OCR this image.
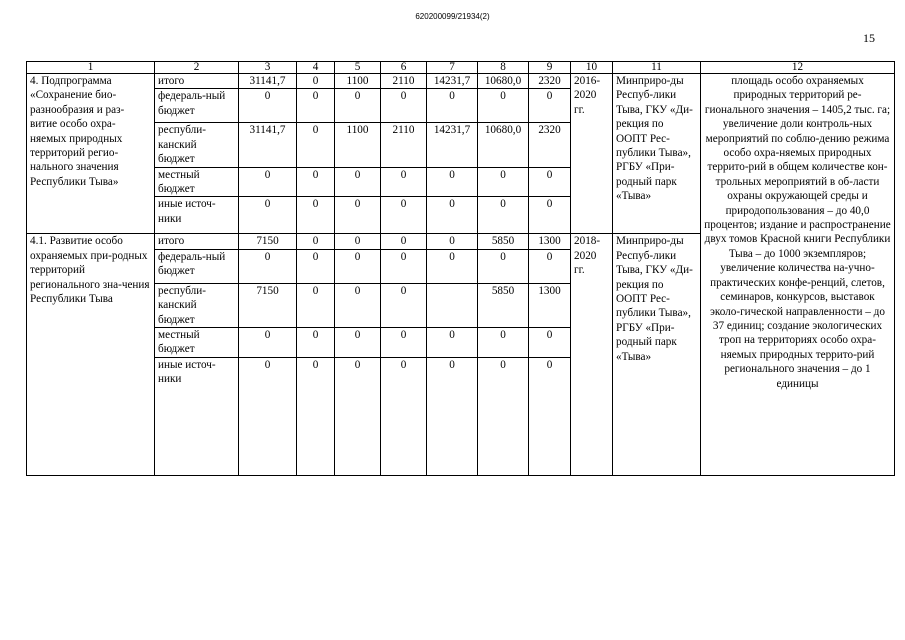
620200099/21934(2)
15
1	2	3	4	5	6	7	8	9	10	11	12
4. Подпрограмма «Сохранение био-разнообразия и раз-витие особо охра-няемых природных территорий регио-нального значения Республики Тыва»	итого	31141,7	0	1100	2110	14231,7	10680,0	2320	2016-2020 гг.	Минприро-ды Респуб-лики Тыва, ГКУ «Ди-рекция по ООПТ Рес-публики Тыва», РГБУ «При-родный парк «Тыва»	площадь особо охраняемых природных территорий ре-гионального значения – 1405,2 тыс. га; увеличение доли контроль-ных мероприятий по соблю-дению режима особо охра-няемых природных террито-рий в общем количестве кон-трольных мероприятий в об-ласти охраны окружающей среды и природопользования – до 40,0 процентов; издание и распространение двух томов Красной книги Республики Тыва – до 1000 экземпляров; увеличение количества на-учно-практических конфе-ренций, слетов, семинаров, конкурсов, выставок эколо-гической направленности – до 37 единиц; создание экологических троп на территориях особо охра-няемых природных террито-рий регионального значения – до 1 единицы
	федераль-ный бюджет	0	0	0	0	0	0	0			
	республи-канский бюджет	31141,7	0	1100	2110	14231,7	10680,0	2320			
	местный бюджет	0	0	0	0	0	0	0			
	иные источ-ники	0	0	0	0	0	0	0			
4.1. Развитие особо охраняемых при-родных территорий регионального зна-чения Республики Тыва	итого	7150	0	0	0	0	5850	1300	2018-2020 гг.	Минприро-ды Респуб-лики Тыва, ГКУ «Ди-рекция по ООПТ Рес-публики Тыва», РГБУ «При-родный парк «Тыва»	
	федераль-ный бюджет	0	0	0	0	0	0	0			
	республи-канский бюджет	7150	0	0	0		5850	1300			
	местный бюджет	0	0	0	0	0	0	0			
	иные источ-ники	0	0	0	0	0	0	0			
